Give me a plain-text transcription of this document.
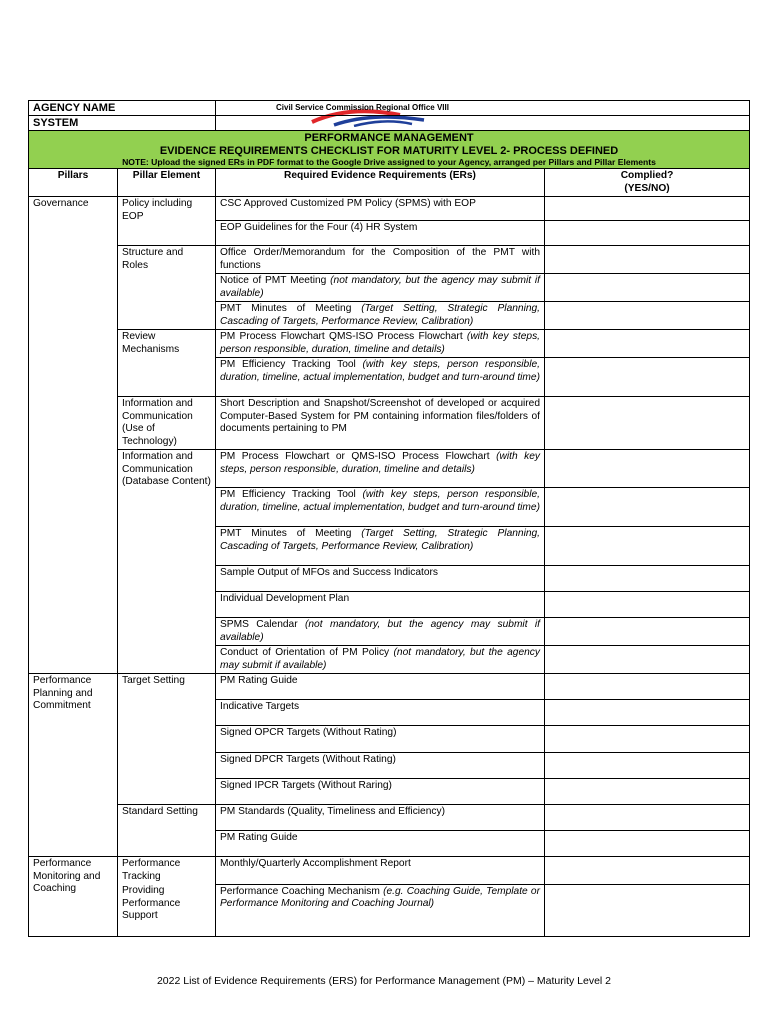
AGENCY NAME		Civil Service Commission Regional Office VIII	
SYSTEM			

PERFORMANCE MANAGEMENT
EVIDENCE REQUIREMENTS CHECKLIST FOR MATURITY LEVEL 2- PROCESS DEFINED
NOTE: Upload the signed ERs in PDF format to the Google Drive assigned to your Agency, arranged per Pillars and Pillar Elements			

Pillars	Pillar Element	Required Evidence Requirements (ERs)	Complied?
(YES/NO)

Governance	Policy including EOP	CSC Approved Customized PM Policy (SPMS) with EOP	
		EOP Guidelines for the Four (4) HR System	
	Structure and Roles	Office Order/Memorandum for the Composition of the PMT with functions	
		Notice of PMT Meeting (not mandatory, but the agency may submit if available)	
		PMT Minutes of Meeting (Target Setting, Strategic Planning, Cascading of Targets, Performance Review, Calibration)	
	Review Mechanisms	PM Process Flowchart QMS-ISO Process Flowchart (with key steps, person responsible, duration, timeline and details)	
		PM Efficiency Tracking Tool (with key steps, person responsible, duration, timeline, actual implementation, budget and turn-around time)	
	Information and Communication (Use of Technology)	Short Description and Snapshot/Screenshot of developed or acquired Computer-Based System for PM containing information files/folders of documents pertaining to PM	
	Information and Communication (Database Content)	PM Process Flowchart or QMS-ISO Process Flowchart (with key steps, person responsible, duration, timeline and details)	
		PM Efficiency Tracking Tool (with key steps, person responsible, duration, timeline, actual implementation, budget and turn-around time)	
		PMT Minutes of Meeting (Target Setting, Strategic Planning, Cascading of Targets, Performance Review, Calibration)	
		Sample Output of MFOs and Success Indicators	
		Individual Development Plan	
		SPMS Calendar (not mandatory, but the agency may submit if available)	
		Conduct of Orientation of PM Policy (not mandatory, but the agency may submit if available)	
Performance Planning and Commitment	Target Setting	PM Rating Guide	
		Indicative Targets	
		Signed OPCR Targets (Without Rating)	
		Signed DPCR Targets (Without Rating)	
		Signed IPCR Targets (Without Raring)	
	Standard Setting	PM Standards (Quality, Timeliness and Efficiency)	
		PM Rating Guide	
Performance Monitoring and Coaching	Performance Tracking	Monthly/Quarterly Accomplishment Report	
	Providing Performance Support	Performance Coaching Mechanism (e.g. Coaching Guide, Template or Performance Monitoring and Coaching Journal)	
2022 List of Evidence Requirements (ERS) for Performance Management (PM) – Maturity Level 2
